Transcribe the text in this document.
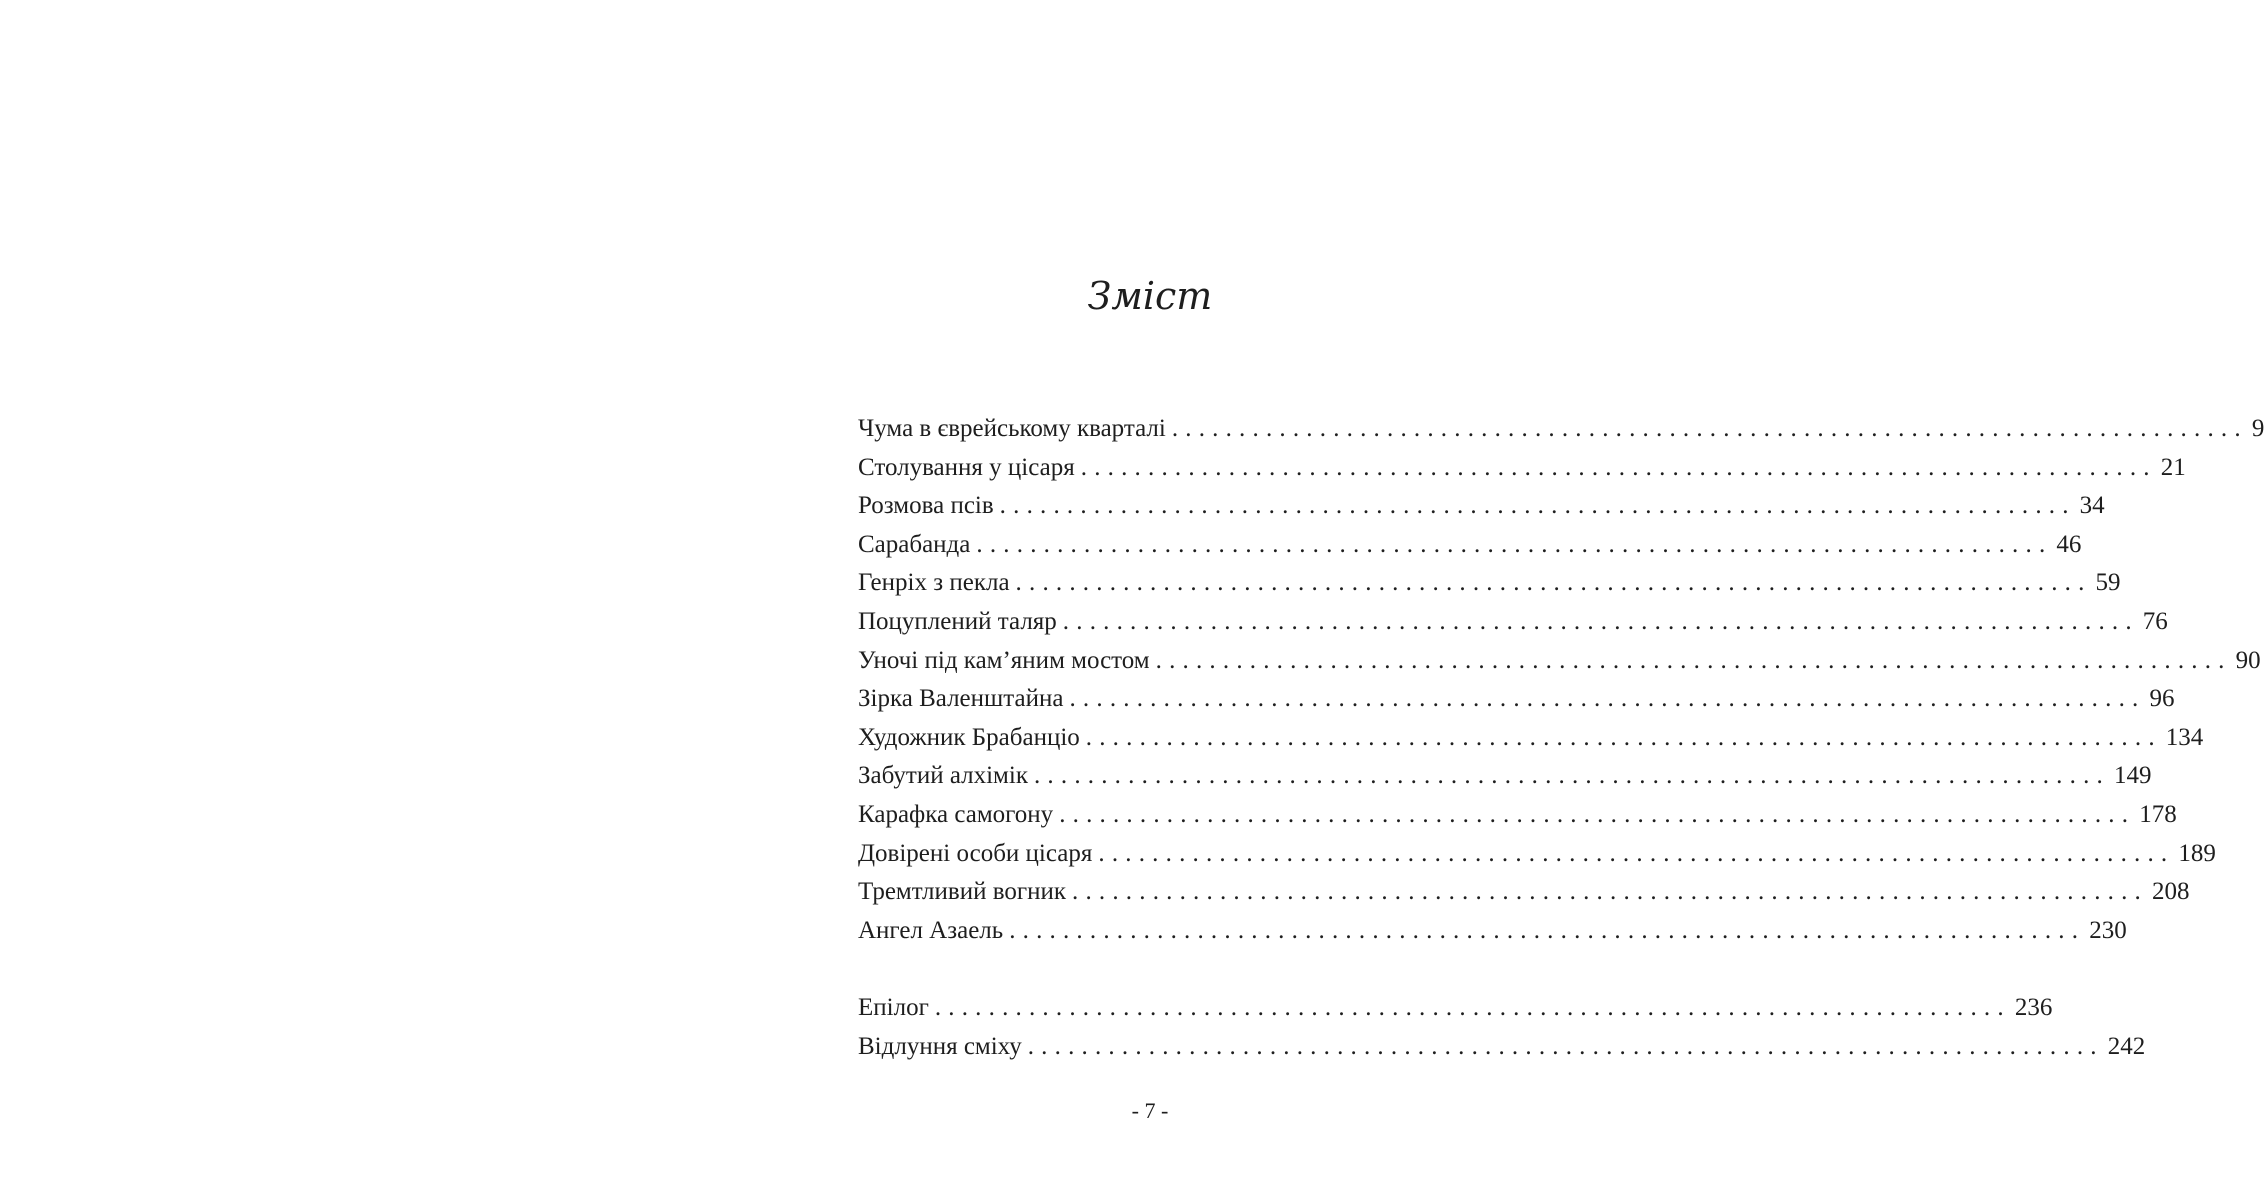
Зміст
Чума в єврейському кварталі ................................................................................ 9
Столування у цісаря ................................................................................ 21
Розмова псів ................................................................................ 34
Сарабанда ................................................................................ 46
Генріх з пекла ................................................................................ 59
Поцуплений таляр ................................................................................ 76
Уночі під кам’яним мостом ................................................................................ 90
Зірка Валенштайна ................................................................................ 96
Художник Брабанціо ................................................................................ 134
Забутий алхімік ................................................................................ 149
Карафка самогону ................................................................................ 178
Довірені особи цісаря ................................................................................ 189
Тремтливий вогник ................................................................................ 208
Ангел Азаель ................................................................................ 230
Епілог ................................................................................ 236
Відлуння сміху ................................................................................ 242
- 7 -
